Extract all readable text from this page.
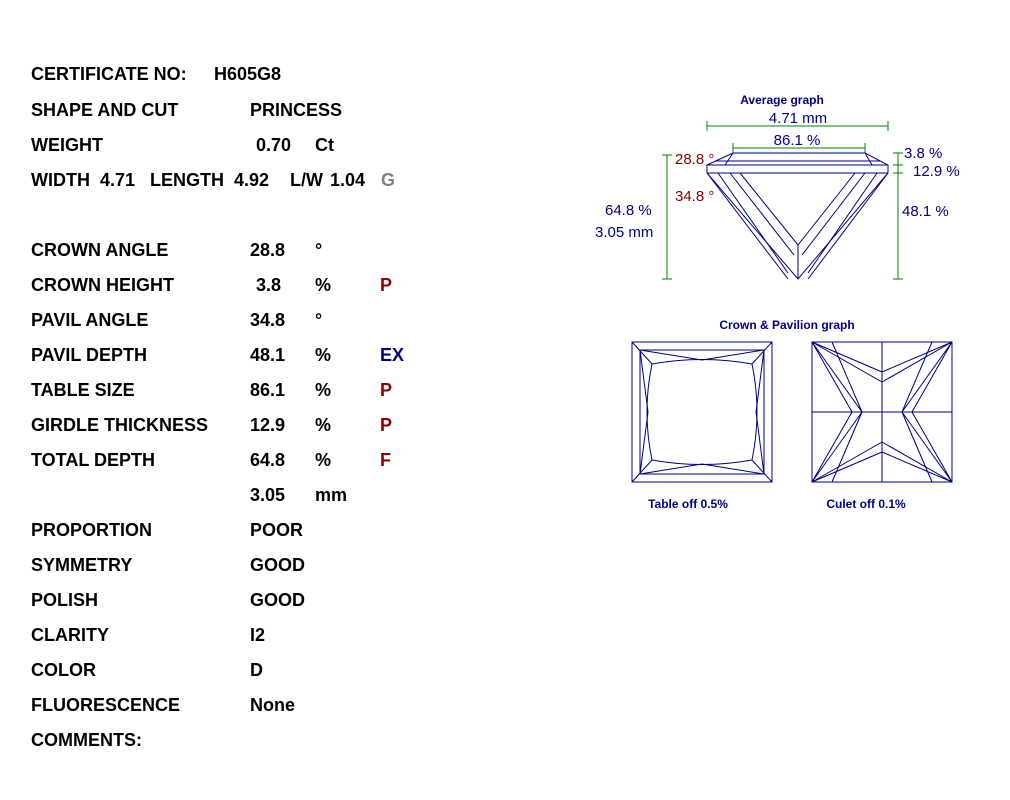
CERTIFICATE NO: H605G8
SHAPE AND CUT	PRINCESS
WEIGHT	0.70 Ct
WIDTH 4.71 LENGTH 4.92 L/W 1.04 G
CROWN ANGLE	28.8 °
CROWN HEIGHT	3.8 %	P
PAVIL ANGLE	34.8 °
PAVIL DEPTH	48.1 %	EX
TABLE SIZE	86.1 %	P
GIRDLE THICKNESS 12.9 %	P
TOTAL DEPTH	64.8 %	F
3.05 mm
PROPORTION	POOR
SYMMETRY	GOOD
POLISH	GOOD
CLARITY	I2
COLOR	D
FLUORESCENCE	None
COMMENTS:
Average graph
4.71 mm
86.1 %
28.8 °
34.8 °
3.8 %
12.9 %
48.1 %
64.8 %
3.05 mm
Crown & Pavilion graph
Table off 0.5%	Culet off 0.1%
